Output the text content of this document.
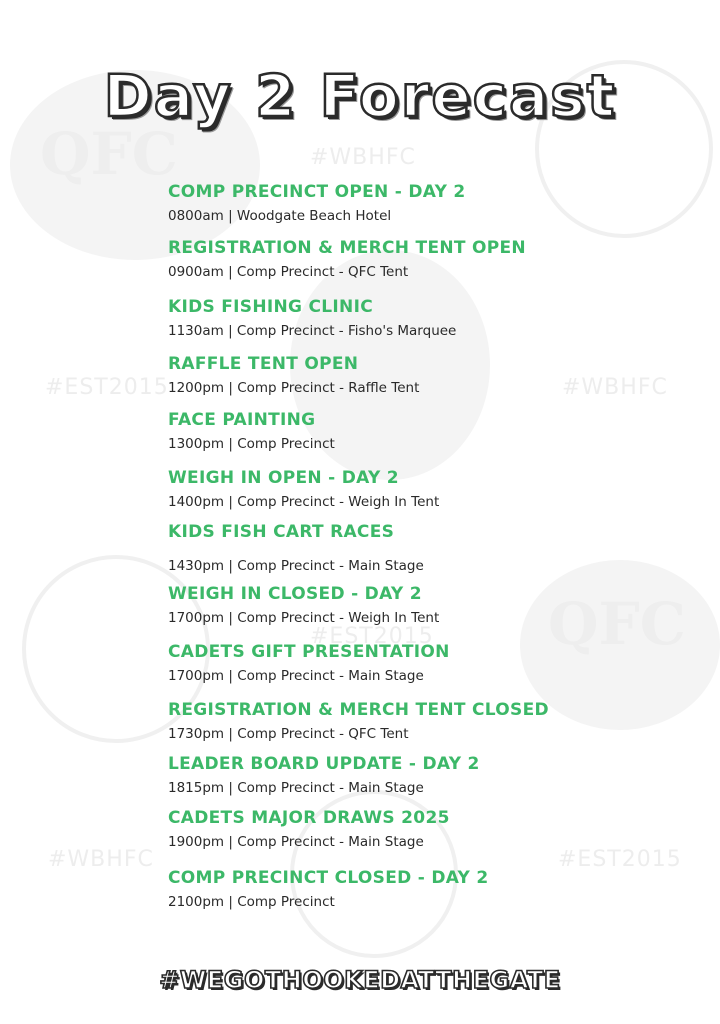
QFC	#WBHFC
#EST2015	#WBHFC
QFC
#WBHFC	#EST2015
#EST2015
Day 2 Forecast
COMP PRECINCT OPEN - DAY 2
0800am | Woodgate Beach Hotel
REGISTRATION & MERCH TENT OPEN
0900am | Comp Precinct - QFC Tent
KIDS FISHING CLINIC
1130am | Comp Precinct - Fisho's Marquee
RAFFLE TENT OPEN
1200pm | Comp Precinct - Raffle Tent
FACE PAINTING
1300pm | Comp Precinct
WEIGH IN OPEN - DAY 2
1400pm | Comp Precinct - Weigh In Tent
KIDS FISH CART RACES
1430pm | Comp Precinct - Main Stage
WEIGH IN CLOSED - DAY 2
1700pm | Comp Precinct - Weigh In Tent
CADETS GIFT PRESENTATION
1700pm | Comp Precinct - Main Stage
REGISTRATION & MERCH TENT CLOSED
1730pm | Comp Precinct - QFC Tent
LEADER BOARD UPDATE - DAY 2
1815pm | Comp Precinct - Main Stage
CADETS MAJOR DRAWS 2025
1900pm | Comp Precinct - Main Stage
COMP PRECINCT CLOSED - DAY 2
2100pm | Comp Precinct
#WEGOTHOOKEDATTHEGATE
